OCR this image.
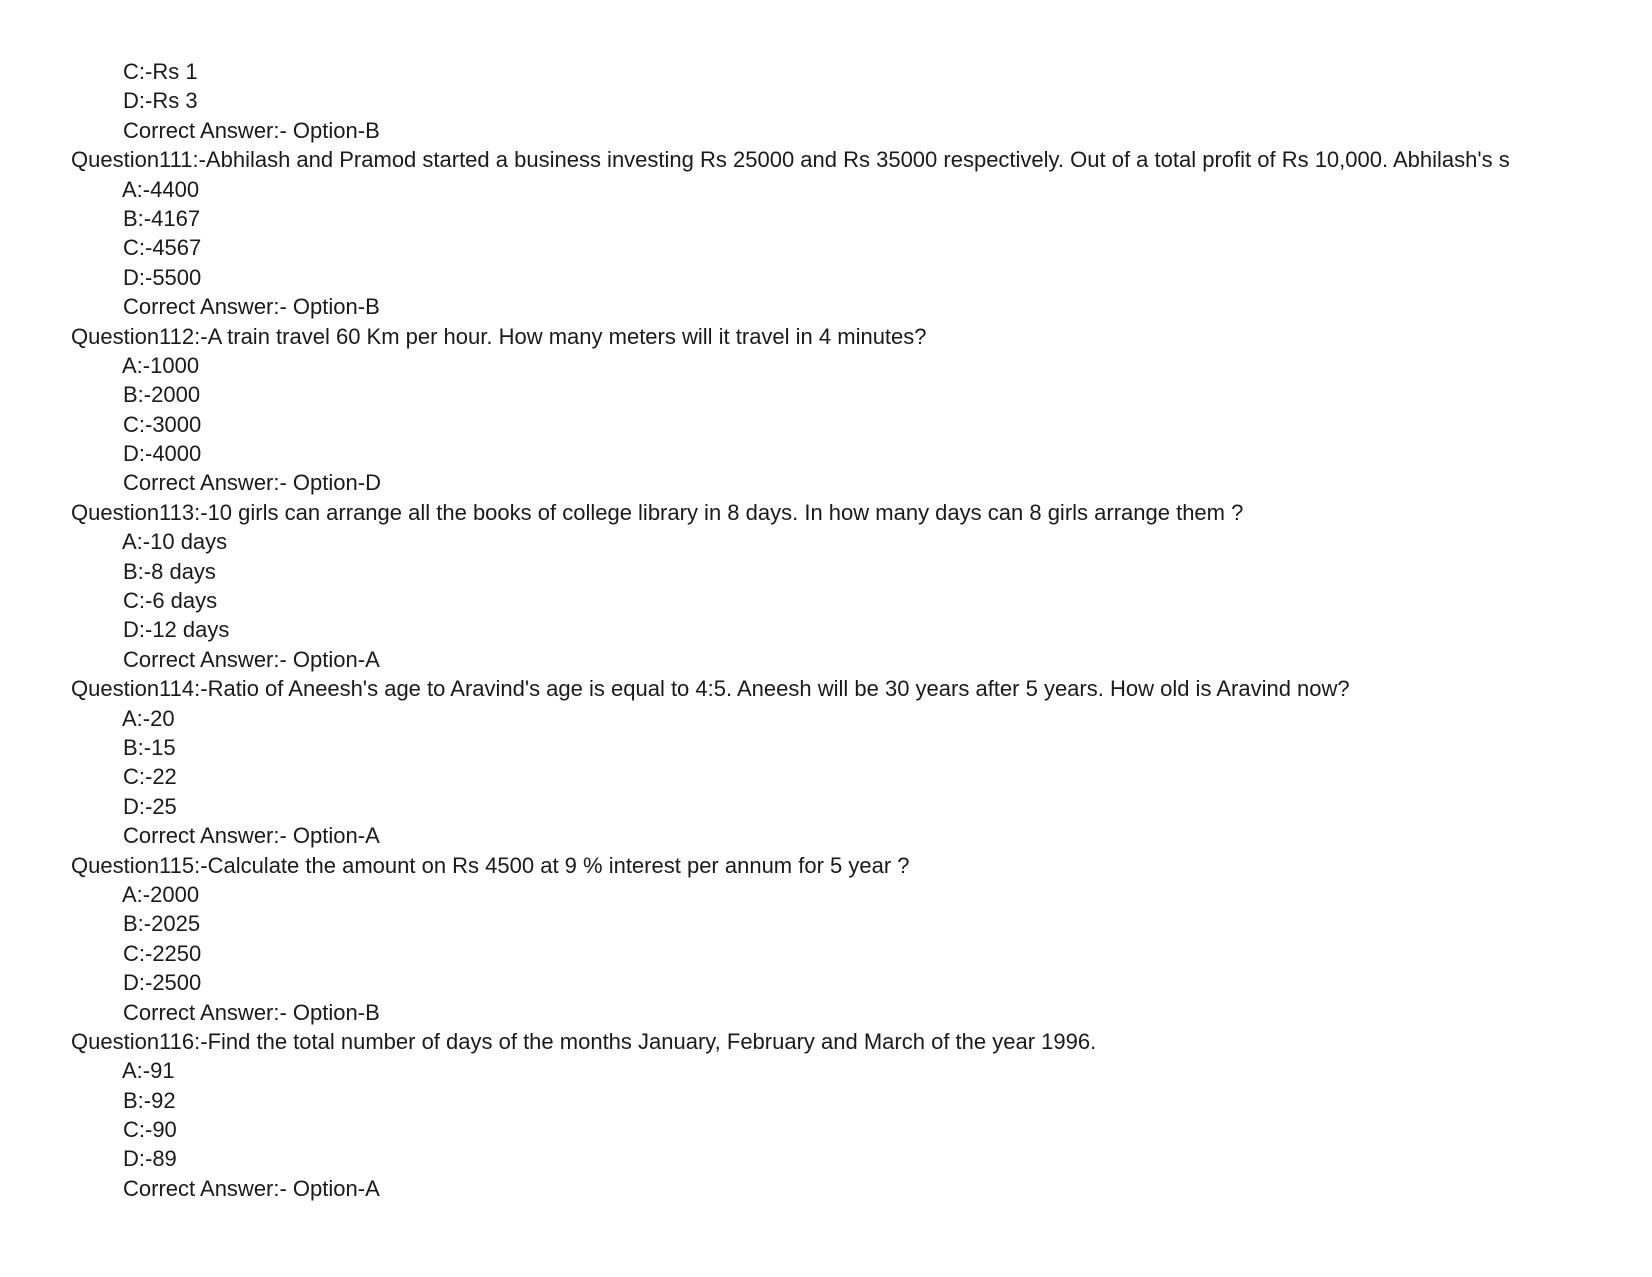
C:-Rs 1
D:-Rs 3
Correct Answer:- Option-B
Question111:-Abhilash and Pramod started a business investing Rs 25000 and Rs 35000 respectively. Out of a total profit of Rs 10,000. Abhilash's s
A:-4400
B:-4167
C:-4567
D:-5500
Correct Answer:- Option-B
Question112:-A train travel 60 Km per hour. How many meters will it travel in 4 minutes?
A:-1000
B:-2000
C:-3000
D:-4000
Correct Answer:- Option-D
Question113:-10 girls can arrange all the books of college library in 8 days. In how many days can 8 girls arrange them ?
A:-10 days
B:-8 days
C:-6 days
D:-12 days
Correct Answer:- Option-A
Question114:-Ratio of Aneesh's age to Aravind's age is equal to 4:5. Aneesh will be 30 years after 5 years. How old is Aravind now?
A:-20
B:-15
C:-22
D:-25
Correct Answer:- Option-A
Question115:-Calculate the amount on Rs 4500 at 9 % interest per annum for 5 year ?
A:-2000
B:-2025
C:-2250
D:-2500
Correct Answer:- Option-B
Question116:-Find the total number of days of the months January, February and March of the year 1996.
A:-91
B:-92
C:-90
D:-89
Correct Answer:- Option-A
